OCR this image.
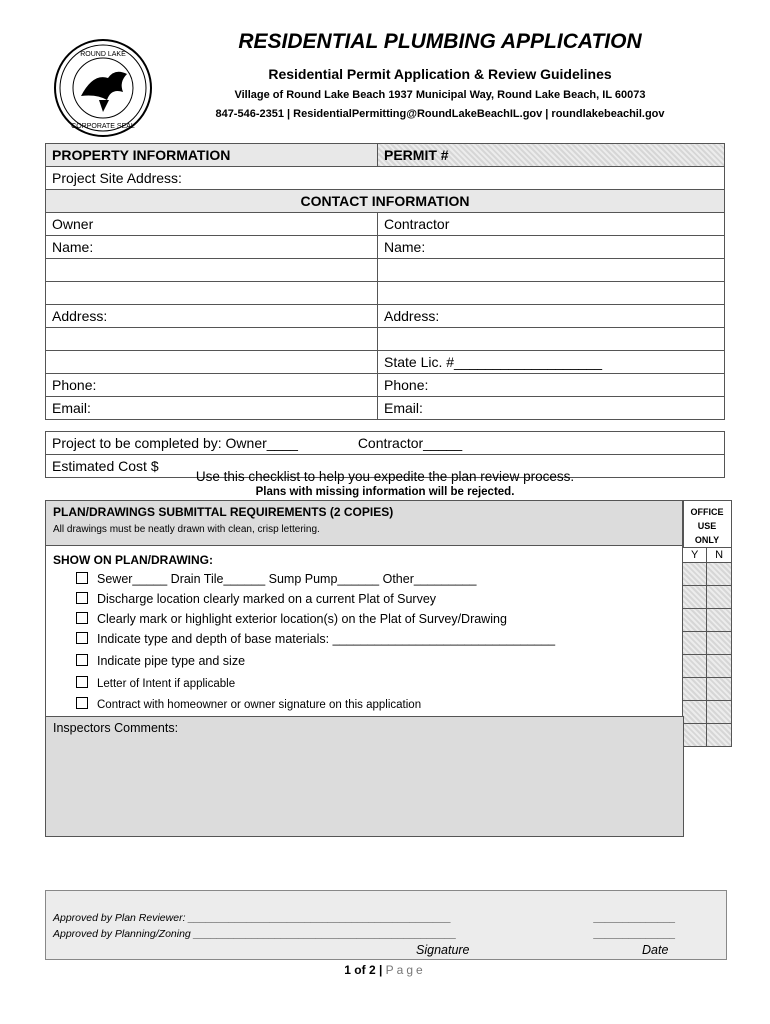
ROUND LAKE
CORPORATE SEAL
RESIDENTIAL PLUMBING APPLICATION
Residential Permit Application & Review Guidelines
Village of Round Lake Beach 1937 Municipal Way, Round Lake Beach, IL 60073
847-546-2351 | ResidentialPermitting@RoundLakeBeachIL.gov | roundlakebeachil.gov
PROPERTY INFORMATION	PERMIT #
Project Site Address:	
CONTACT INFORMATION	
Owner	Contractor
Name:	Name:

Address:	Address:

	State Lic. #___________________
Phone:	Phone:
Email:	Email:
Project to be completed by: Owner____	Contractor_____
Estimated Cost $
Use this checklist to help you expedite the plan review process.
Plans with missing information will be rejected.
PLAN/DRAWINGS SUBMITTAL REQUIREMENTS (2 COPIES)
All drawings must be neatly drawn with clean, crisp lettering.
SHOW ON PLAN/DRAWING:
Sewer_____ Drain Tile______ Sump Pump______ Other_________
Discharge location clearly marked on a current Plat of Survey
Clearly mark or highlight exterior location(s) on the Plat of Survey/Drawing
Indicate type and depth of base materials: ________________________________
Indicate pipe type and size
Letter of Intent if applicable
Contract with homeowner or owner signature on this application
OFFICE
USE
ONLY	

Y	N

Inspectors Comments:
Approved by Plan Reviewer: _____________________________________________
Approved by Planning/Zoning _____________________________________________
______________
______________
Signature	Date
1 of 2 | Page
